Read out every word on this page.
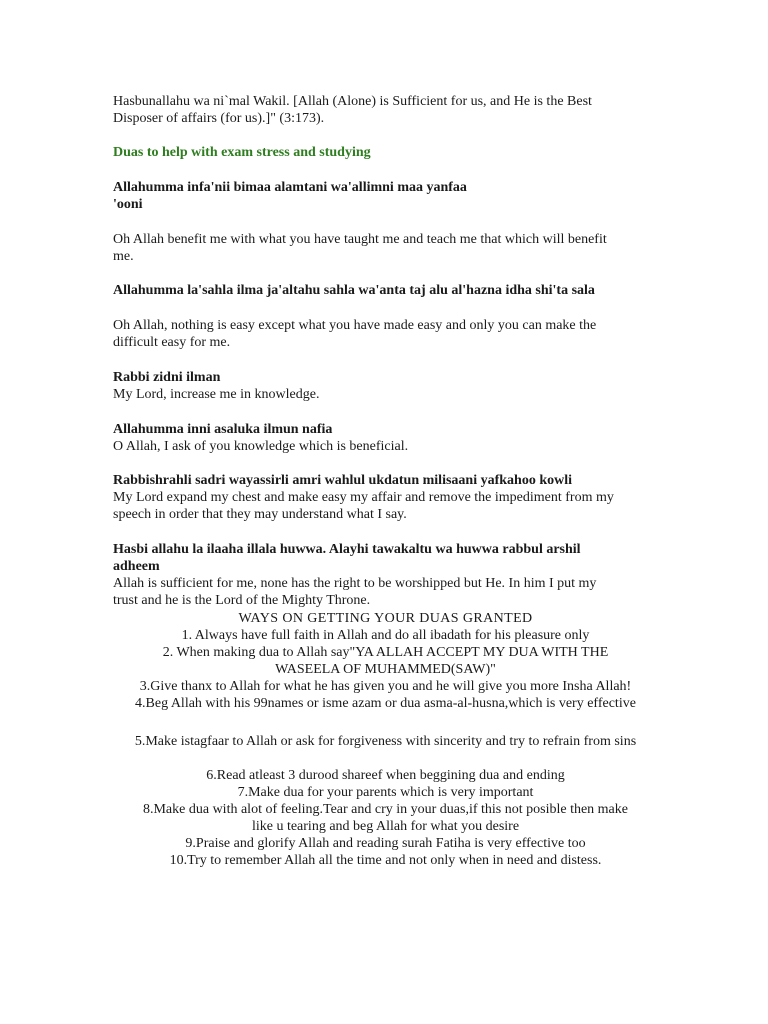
Hasbunallahu wa ni`mal Wakil. [Allah (Alone) is Sufficient for us, and He is the Best

Disposer of affairs (for us).]" (3:173).

Duas to help with exam stress and studying

Allahumma infa'nii bimaa alamtani wa'allimni maa yanfaa

'ooni

Oh Allah benefit me with what you have taught me and teach me that which will benefit

me.

Allahumma la'sahla ilma ja'altahu sahla wa'anta taj alu al'hazna idha shi'ta sala

Oh Allah, nothing is easy except what you have made easy and only you can make the

difficult easy for me.

Rabbi zidni ilman

My Lord, increase me in knowledge.

Allahumma inni asaluka ilmun nafia

O Allah, I ask of you knowledge which is beneficial.

Rabbishrahli sadri wayassirli amri wahlul ukdatun milisaani yafkahoo kowli

My Lord expand my chest and make easy my affair and remove the impediment from my

speech in order that they may understand what I say.

Hasbi allahu la ilaaha illala huwwa. Alayhi tawakaltu wa huwwa rabbul arshil

adheem

Allah is sufficient for me, none has the right to be worshipped but He. In him I put my

trust and he is the Lord of the Mighty Throne.

WAYS ON GETTING YOUR DUAS GRANTED

1. Always have full faith in Allah and do all ibadath for his pleasure only

2. When making dua to Allah say"YA ALLAH ACCEPT MY DUA WITH THE

WASEELA OF MUHAMMED(SAW)"

3.Give thanx to Allah for what he has given you and he will give you more Insha Allah!

4.Beg Allah with his 99names or isme azam or dua asma-al-husna,which is very effective

5.Make istagfaar to Allah or ask for forgiveness with sincerity and try to refrain from sins

6.Read atleast 3 durood shareef when beggining dua and ending

7.Make dua for your parents which is very important

8.Make dua with alot of feeling.Tear and cry in your duas,if this not posible then make

like u tearing and beg Allah for what you desire

9.Praise and glorify Allah and reading surah Fatiha is very effective too

10.Try to remember Allah all the time and not only when in need and distess.
